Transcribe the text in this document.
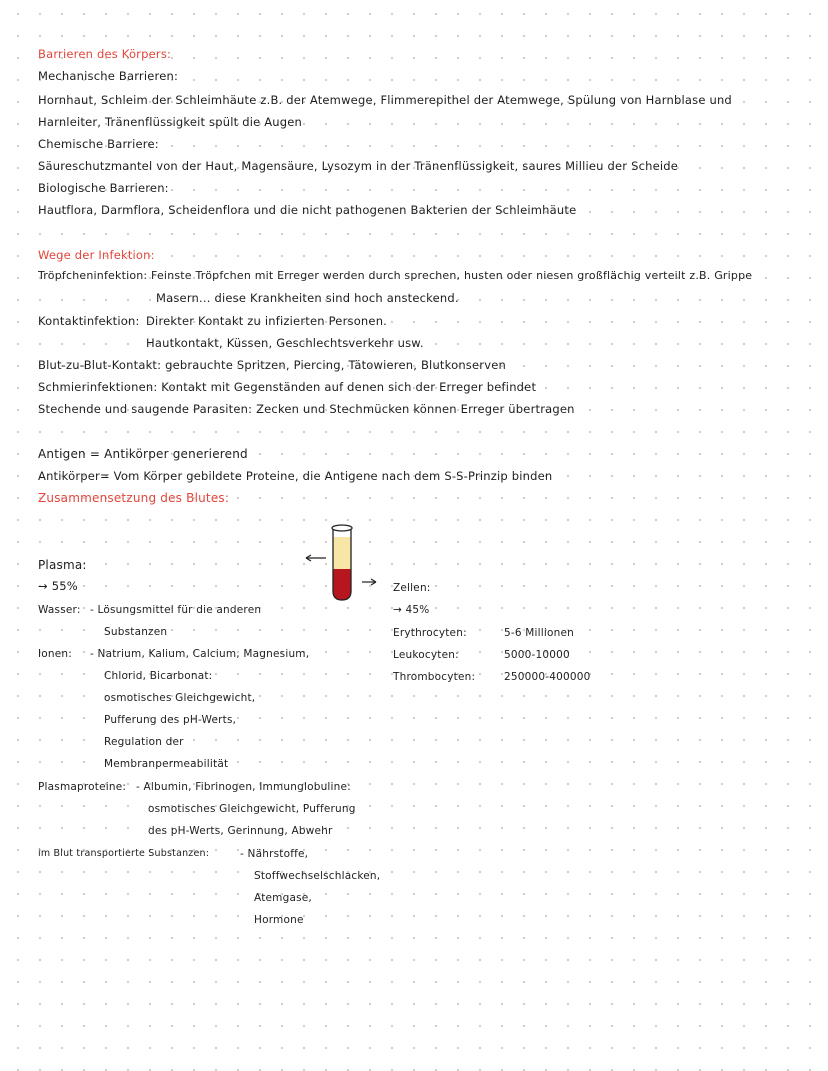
Barrieren des Körpers:
Mechanische Barrieren:
Hornhaut, Schleim der Schleimhäute z.B. der Atemwege, Flimmerepithel der Atemwege, Spülung von Harnblase und
Harnleiter, Tränenflüssigkeit spült die Augen
Chemische Barriere:
Säureschutzmantel von der Haut, Magensäure, Lysozym in der Tränenflüssigkeit, saures Millieu der Scheide
Biologische Barrieren:
Hautflora, Darmflora, Scheidenflora und die nicht pathogenen Bakterien der Schleimhäute
Wege der Infektion:
Tröpfcheninfektion: Feinste Tröpfchen mit Erreger werden durch sprechen, husten oder niesen großflächig verteilt z.B. Grippe
Masern... diese Krankheiten sind hoch ansteckend.
Kontaktinfektion: Direkter Kontakt zu infizierten Personen.
Hautkontakt, Küssen, Geschlechtsverkehr usw.
Blut-zu-Blut-Kontakt: gebrauchte Spritzen, Piercing, Tätowieren, Blutkonserven
Schmierinfektionen: Kontakt mit Gegenständen auf denen sich der Erreger befindet
Stechende und saugende Parasiten: Zecken und Stechmücken können Erreger übertragen
Antigen = Antikörper generierend
Antikörper= Vom Körper gebildete Proteine, die Antigene nach dem S-S-Prinzip binden
Zusammensetzung des Blutes:
Plasma:
→ 55%
Wasser: - Lösungsmittel für die anderen
Substanzen
Ionen: - Natrium, Kalium, Calcium, Magnesium,
Chlorid, Bicarbonat:
osmotisches Gleichgewicht,
Pufferung des pH-Werts,
Regulation der
Membranpermeabilität
Plasmaproteine: - Albumin, Fibrinogen, Immunglobuline:
osmotisches Gleichgewicht, Pufferung
des pH-Werts, Gerinnung, Abwehr
im Blut transportierte Substanzen:	- Nährstoffe,
Stoffwechselschlacken,
Atemgase,
Hormone
Zellen:
→ 45%
Erythrocyten:	5-6 Millionen
Leukocyten:	5000-10000
Thrombocyten:	250000-400000
